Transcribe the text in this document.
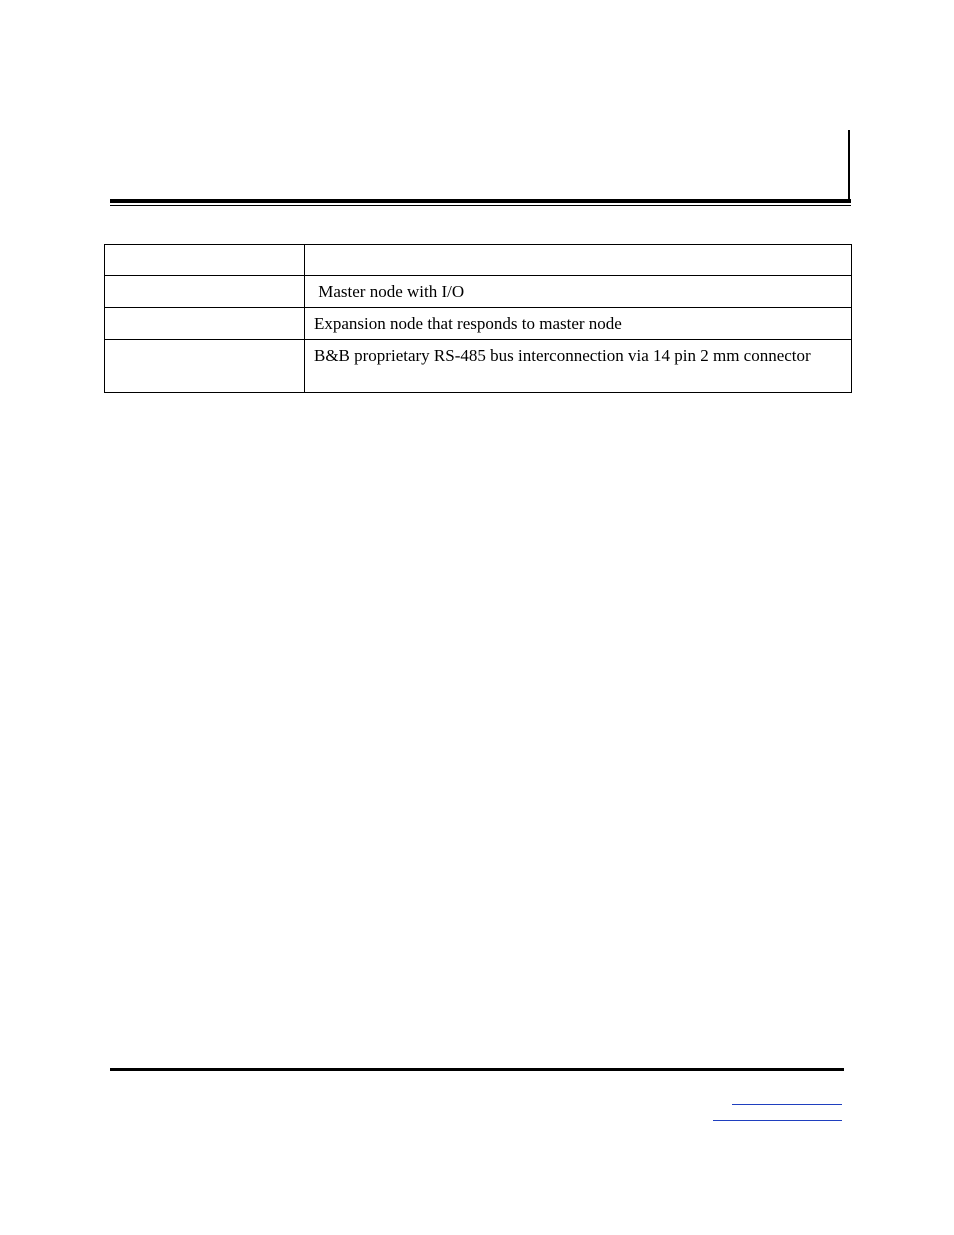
	Master node with I/O
	Expansion node that responds to master node
	B&B proprietary RS-485 bus interconnection via 14 pin 2 mm connector
